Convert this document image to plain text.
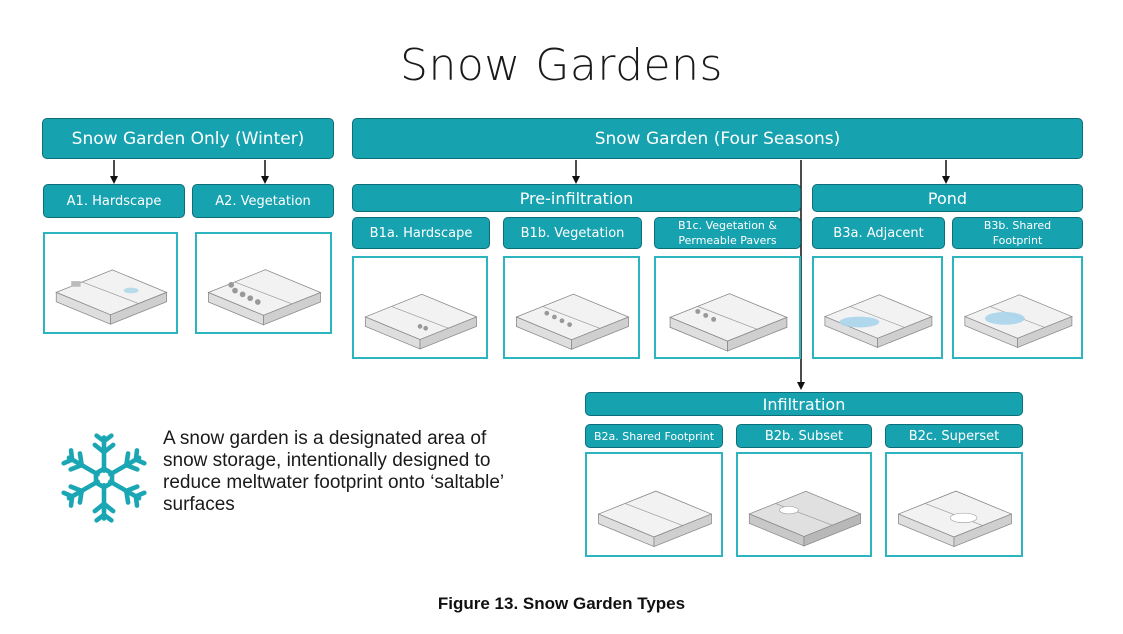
Snow Gardens
Snow Garden Only (Winter)	Snow Garden (Four Seasons)
A1. Hardscape	A2. Vegetation	Pre-infiltration	Pond
B1a. Hardscape	B1b. Vegetation	B1c. Vegetation &
Permeable Pavers	B3a. Adjacent	B3b. Shared
Footprint
Infiltration
B2a. Shared Footprint	B2b. Subset	B2c. Superset
A snow garden is a designated area of snow storage, intentionally designed to reduce meltwater footprint onto ‘saltable’ surfaces
Figure 13. Snow Garden Types
